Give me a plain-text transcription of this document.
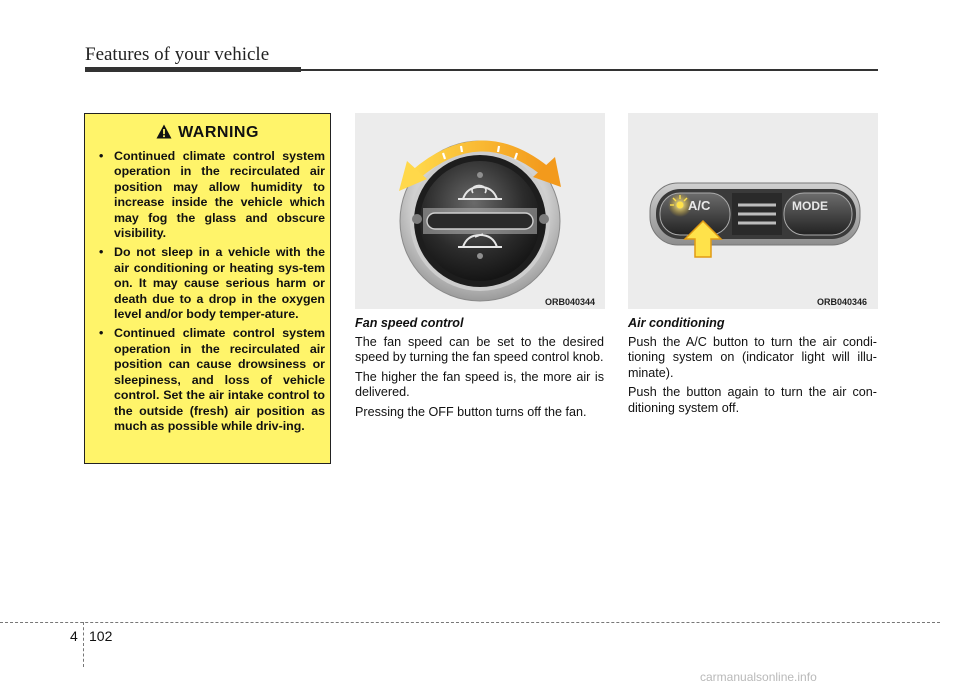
Features of your vehicle
WARNING
• Continued climate control system operation in the recirculated air position may allow humidity to increase inside the vehicle which may fog the glass and obscure visibility.
• Do not sleep in a vehicle with the air conditioning or heating sys-tem on. It may cause serious harm or death due to a drop in the oxygen level and/or body temper-ature.
• Continued climate control system operation in the recirculated air position can cause drowsiness or sleepiness, and loss of vehicle control. Set the air intake control to the outside (fresh) air position as much as possible while driv-ing.
ORB040344
A/C	MODE
ORB040346

Fan speed control

The fan speed can be set to the desired speed by turning the fan speed control knob.

The higher the fan speed is, the more air is delivered.

Pressing the OFF button turns off the fan.

Air conditioning

Push the A/C button to turn the air condi-tioning system on (indicator light will illu-minate).

Push the button again to turn the air con-ditioning system off.

4 102
carmanualsonline.info
